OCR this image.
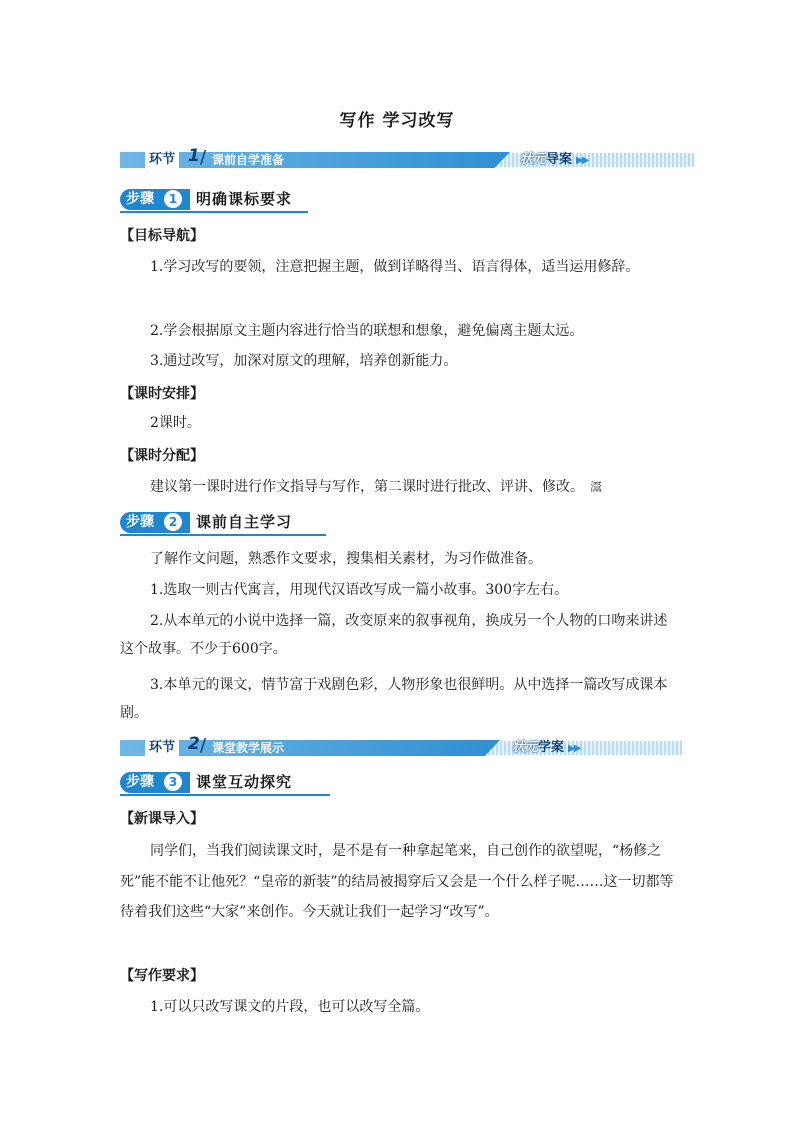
写作 学习改写
环节 1 / 课前自学准备	状元导案 ▶▶
步骤	1	明确课标要求
【目标导航】
1.学习改写的要领，注意把握主题，做到详略得当、语言得体，适当运用修辞。
2.学会根据原文主题内容进行恰当的联想和想象，避免偏离主题太远。
3.通过改写，加深对原文的理解，培养创新能力。
【课时安排】
2课时。
【课时分配】
建议第一课时进行作文指导与写作，第二课时进行批改、评讲、修改。 灊
步骤	2	课前自主学习
了解作文问题，熟悉作文要求，搜集相关素材，为习作做准备。
1.选取一则古代寓言，用现代汉语改写成一篇小故事。300字左右。
2.从本单元的小说中选择一篇，改变原来的叙事视角，换成另一个人物的口吻来讲述这个故事。不少于600字。
3.本单元的课文，情节富于戏剧色彩，人物形象也很鲜明。从中选择一篇改写成课本剧。
环节 2 / 课堂教学展示	状元学案 ▶▶
步骤	3	课堂互动探究
【新课导入】
同学们，当我们阅读课文时，是不是有一种拿起笔来，自己创作的欲望呢，“杨修之死”能不能不让他死？“皇帝的新装”的结局被揭穿后又会是一个什么样子呢……这一切都等待着我们这些“大家”来创作。今天就让我们一起学习“改写”。
【写作要求】
1.可以只改写课文的片段，也可以改写全篇。
